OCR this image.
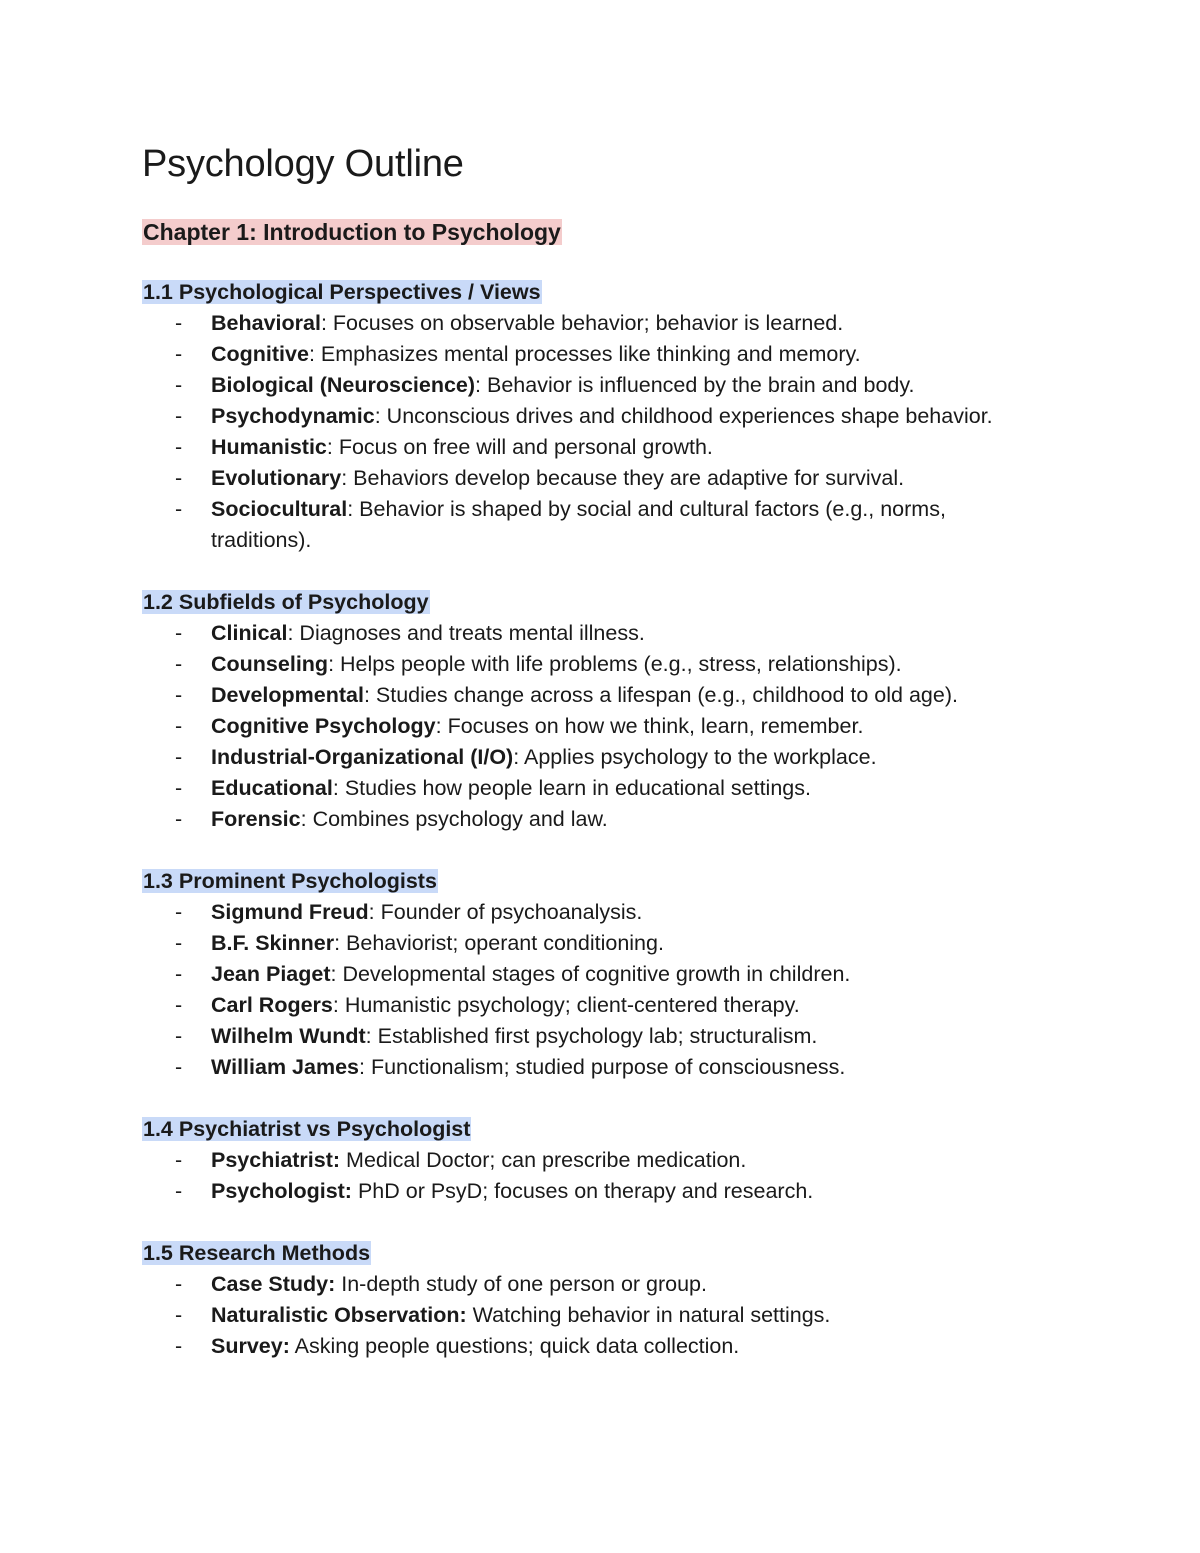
Psychology Outline
Chapter 1: Introduction to Psychology
1.1 Psychological Perspectives / Views
- Behavioral: Focuses on observable behavior; behavior is learned.
- Cognitive: Emphasizes mental processes like thinking and memory.
- Biological (Neuroscience): Behavior is influenced by the brain and body.
- Psychodynamic: Unconscious drives and childhood experiences shape behavior.
- Humanistic: Focus on free will and personal growth.
- Evolutionary: Behaviors develop because they are adaptive for survival.
- Sociocultural: Behavior is shaped by social and cultural factors (e.g., norms, traditions).
1.2 Subfields of Psychology
- Clinical: Diagnoses and treats mental illness.
- Counseling: Helps people with life problems (e.g., stress, relationships).
- Developmental: Studies change across a lifespan (e.g., childhood to old age).
- Cognitive Psychology: Focuses on how we think, learn, remember.
- Industrial-Organizational (I/O): Applies psychology to the workplace.
- Educational: Studies how people learn in educational settings.
- Forensic: Combines psychology and law.
1.3 Prominent Psychologists
- Sigmund Freud: Founder of psychoanalysis.
- B.F. Skinner: Behaviorist; operant conditioning.
- Jean Piaget: Developmental stages of cognitive growth in children.
- Carl Rogers: Humanistic psychology; client-centered therapy.
- Wilhelm Wundt: Established first psychology lab; structuralism.
- William James: Functionalism; studied purpose of consciousness.
1.4 Psychiatrist vs Psychologist
- Psychiatrist: Medical Doctor; can prescribe medication.
- Psychologist: PhD or PsyD; focuses on therapy and research.
1.5 Research Methods
- Case Study: In-depth study of one person or group.
- Naturalistic Observation: Watching behavior in natural settings.
- Survey: Asking people questions; quick data collection.
